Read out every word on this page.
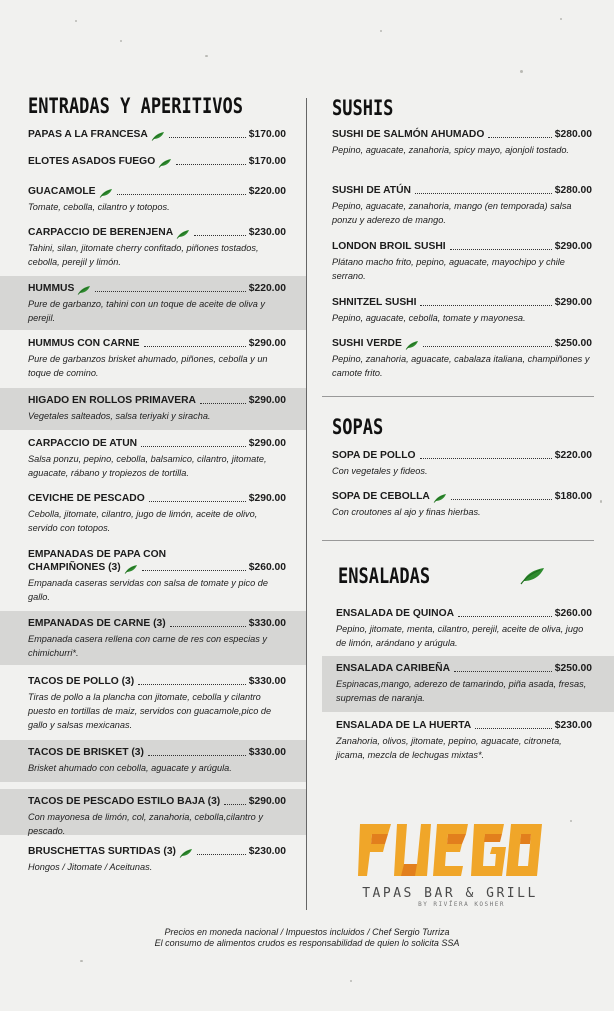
ENTRADAS Y APERITIVOS
PAPAS A LA FRANCESA	$170.00
ELOTES ASADOS FUEGO	$170.00
GUACAMOLE	$220.00
Tomate, cebolla, cilantro y totopos.
CARPACCIO DE BERENJENA	$230.00
Tahini, silan, jitomate cherry confitado, piñones tostados, cebolla, perejil y limón.
HUMMUS	$220.00
Pure de garbanzo, tahini con un toque de aceite de oliva y perejil.
HUMMUS CON CARNE	$290.00
Pure de garbanzos brisket ahumado, piñones, cebolla y un toque de comino.
HIGADO EN ROLLOS PRIMAVERA	$290.00
Vegetales salteados, salsa teriyaki y siracha.
CARPACCIO DE ATUN	$290.00
Salsa ponzu, pepino, cebolla, balsamico, cilantro, jitomate, aguacate, rábano y tropiezos de tortilla.
CEVICHE DE PESCADO	$290.00
Cebolla, jitomate, cilantro, jugo de limón, aceite de olivo, servido con totopos.
EMPANADAS DE PAPA CON
CHAMPIÑONES (3)	$260.00
Empanada caseras servidas con salsa de tomate y pico de gallo.
EMPANADAS DE CARNE (3)	$330.00
Empanada casera rellena con carne de res con especias y chimichurri*.
TACOS DE POLLO (3)	$330.00
Tiras de pollo a la plancha con jitomate, cebolla y cilantro puesto en tortillas de maiz, servidos con guacamole,pico de gallo y salsas mexicanas.
TACOS DE BRISKET (3)	$330.00
Brisket ahumado con cebolla, aguacate y arúgula.
TACOS DE PESCADO ESTILO BAJA (3)	$290.00
Con mayonesa de limón, col, zanahoria, cebolla,cilantro y pescado.
BRUSCHETTAS SURTIDAS (3)	$230.00
Hongos / Jitomate / Aceitunas.
SUSHIS
SUSHI DE SALMÓN AHUMADO	$280.00
Pepino, aguacate, zanahoria, spicy mayo, ajonjoli tostado.
SUSHI DE ATÚN	$280.00
Pepino, aguacate, zanahoria, mango (en temporada) salsa ponzu y aderezo de mango.
LONDON BROIL SUSHI	$290.00
Plátano macho frito, pepino, aguacate, mayochipo y chile serrano.
SHNITZEL SUSHI	$290.00
Pepino, aguacate, cebolla, tomate y mayonesa.
SUSHI VERDE	$250.00
Pepino, zanahoria, aguacate, cabalaza italiana, champiñones y camote frito.
SOPAS
SOPA DE POLLO	$220.00
Con vegetales y fideos.
SOPA DE CEBOLLA	$180.00
Con croutones al ajo y finas hierbas.
ENSALADAS
ENSALADA DE QUINOA	$260.00
Pepino, jitomate, menta, cilantro, perejil, aceite de oliva, jugo de limón, arándano y arúgula.
ENSALADA CARIBEÑA	$250.00
Espinacas,mango, aderezo de tamarindo, piña asada, fresas, supremas de naranja.
ENSALADA DE LA HUERTA	$230.00
Zanahoria, olivos, jitomate, pepino, aguacate, citroneta, jicama, mezcla de lechugas mixtas*.
TAPAS BAR & GRILL
BY RIVIERA KOSHER
Precios en moneda nacional / Impuestos incluidos / Chef Sergio Turriza
El consumo de alimentos crudos es responsabilidad de quien lo solicita SSA
